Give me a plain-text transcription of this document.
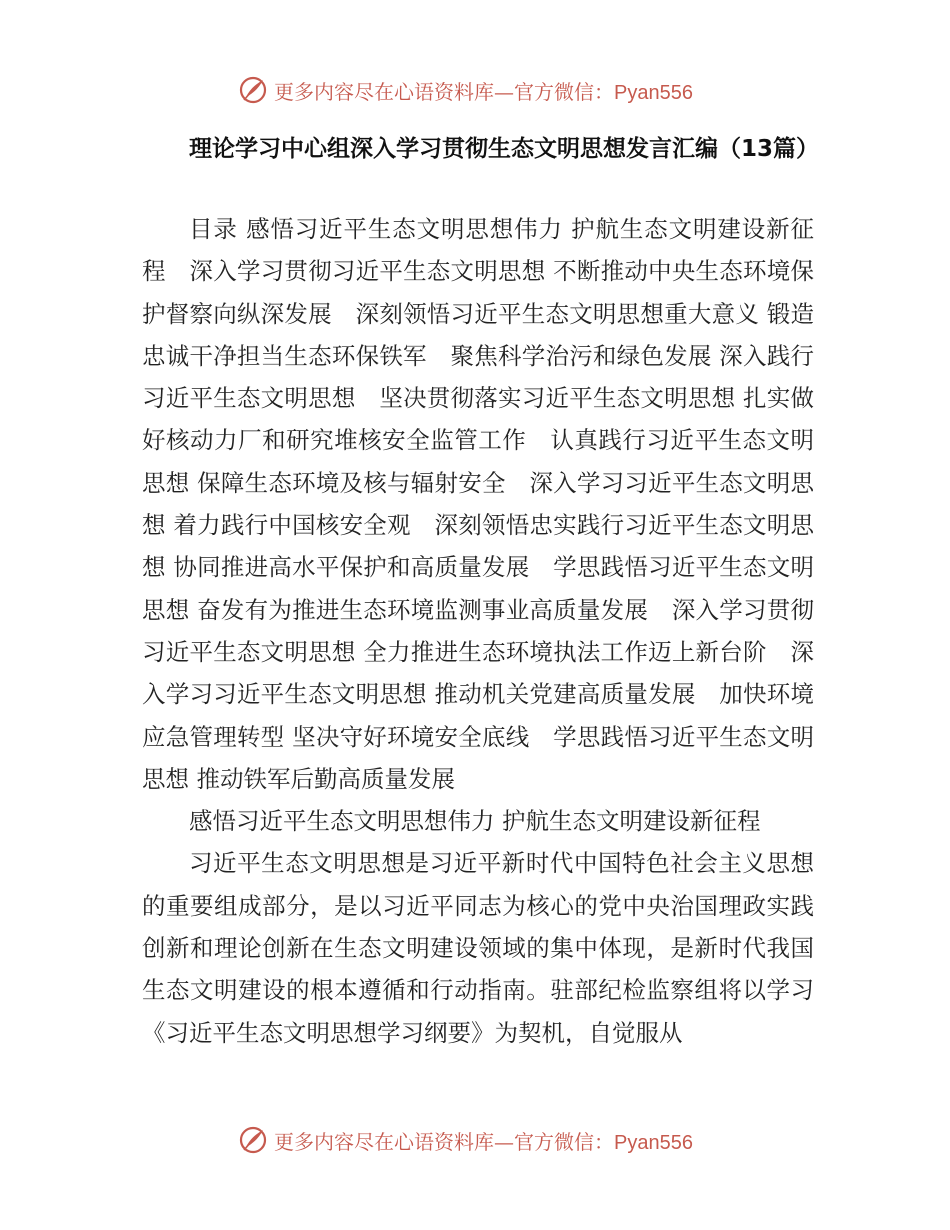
更多内容尽在心语资料库—官方微信：Pyan556
理论学习中心组深入学习贯彻生态文明思想发言汇编（13篇）

目录 感悟习近平生态文明思想伟力 护航生态文明建设新征程　 深入学习贯彻习近平生态文明思想 不断推动中央生态环境保护督察向纵深发展　 深刻领悟习近平生态文明思想重大意义 锻造忠诚干净担当生态环保铁军　 聚焦科学治污和绿色发展 深入践行习近平生态文明思想　 坚决贯彻落实习近平生态文明思想 扎实做好核动力厂和研究堆核安全监管工作　 认真践行习近平生态文明思想 保障生态环境及核与辐射安全　 深入学习习近平生态文明思想 着力践行中国核安全观　 深刻领悟忠实践行习近平生态文明思想 协同推进高水平保护和高质量发展　 学思践悟习近平生态文明思想 奋发有为推进生态环境监测事业高质量发展　 深入学习贯彻习近平生态文明思想 全力推进生态环境执法工作迈上新台阶　 深入学习习近平生态文明思想 推动机关党建高质量发展　 加快环境应急管理转型 坚决守好环境安全底线　 学思践悟习近平生态文明思想 推动铁军后勤高质量发展

感悟习近平生态文明思想伟力 护航生态文明建设新征程

习近平生态文明思想是习近平新时代中国特色社会主义思想的重要组成部分，是以习近平同志为核心的党中央治国理政实践创新和理论创新在生态文明建设领域的集中体现，是新时代我国生态文明建设的根本遵循和行动指南。驻部纪检监察组将以学习《习近平生态文明思想学习纲要》为契机，自觉服从

更多内容尽在心语资料库—官方微信：Pyan556
